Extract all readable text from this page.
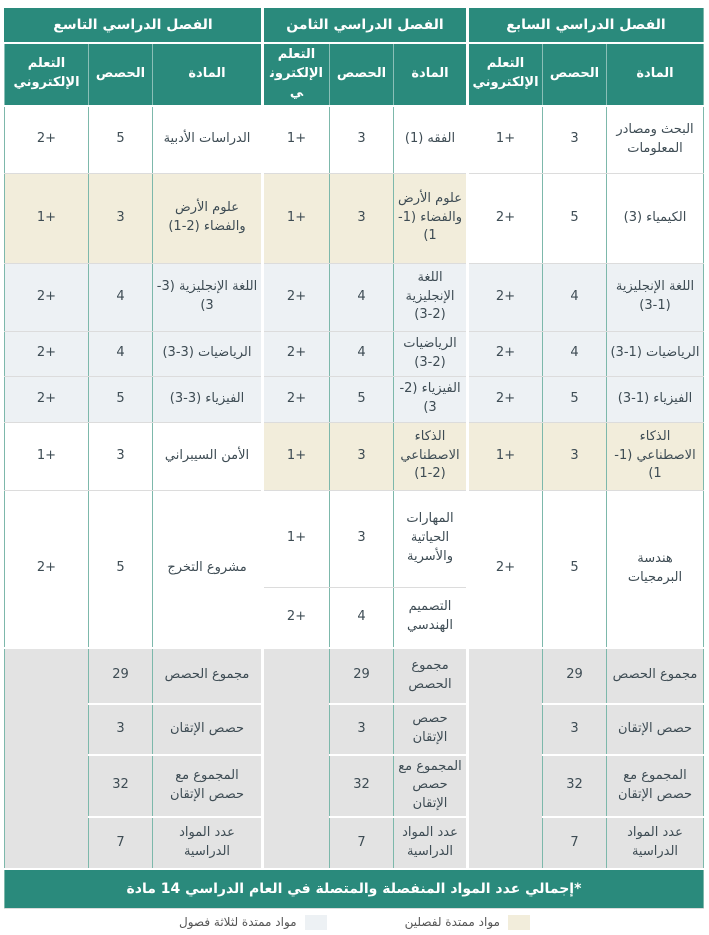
الفصل الدراسي السابع			الفصل الدراسي الثامن			الفصل الدراسي التاسع		
المادة	الحصص	التعلم الإلكتروني	المادة	الحصص	التعلم الإلكتروني	المادة	الحصص	التعلم الإلكتروني
البحث ومصادر المعلومات	3	+1	الفقه (1)	3	+1	الدراسات الأدبية	5	+2
الكيمياء (3)	5	+2	علوم الأرض والفضاء (1-1)	3	+1	علوم الأرض والفضاء (2-1)	3	+1
اللغة الإنجليزية (1-3)	4	+2	اللغة الإنجليزية (2-3)	4	+2	اللغة الإنجليزية (3-3)	4	+2
الرياضيات (1-3)	4	+2	الرياضيات (2-3)	4	+2	الرياضيات (3-3)	4	+2
الفيزياء (1-3)	5	+2	الفيزياء (2-3)	5	+2	الفيزياء (3-3)	5	+2
الذكاء الاصطناعي (1-1)	3	+1	الذكاء الاصطناعي (2-1)	3	+1	الأمن السيبراني	3	+1
هندسة البرمجيات	5	+2	المهارات الحياتية والأسرية	3	+1	مشروع التخرج	5	+2
			التصميم الهندسي	4	+2			
مجموع الحصص	29		مجموع الحصص	29		مجموع الحصص	29	
حصص الإتقان	3		حصص الإتقان	3		حصص الإتقان	3	
المجموع مع حصص الإتقان	32		المجموع مع حصص الإتقان	32		المجموع مع حصص الإتقان	32	
عدد المواد الدراسية	7		عدد المواد الدراسية	7		عدد المواد الدراسية	7	
*إجمالي عدد المواد المنفصلة والمتصلة في العام الدراسي 14 مادة								
مواد ممتدة لفصلين
مواد ممتدة لثلاثة فصول
